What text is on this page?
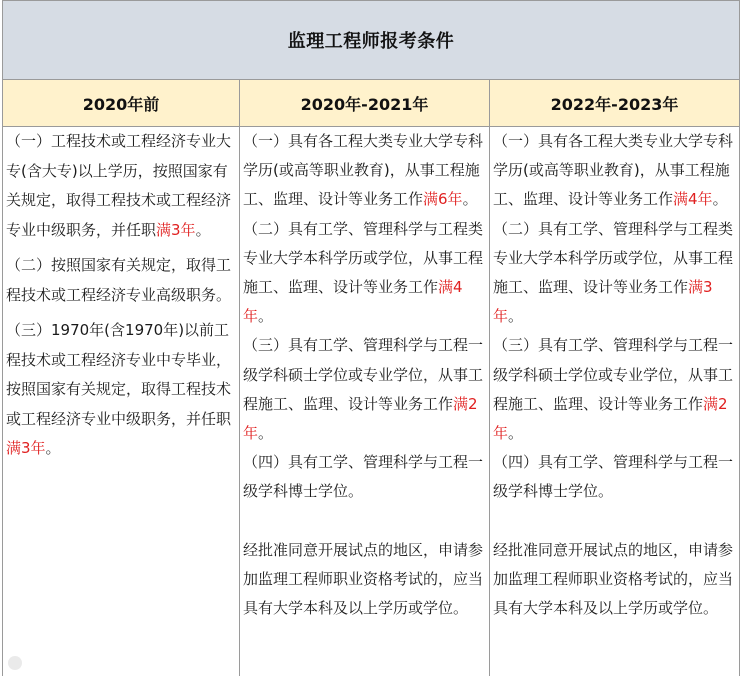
监理工程师报考条件
2020年前	2020年-2021年	2022年-2023年

（一）工程技术或工程经济专业大专(含大专)以上学历，按照国家有关规定，取得工程技术或工程经济专业中级职务，并任职满3年。

（二）按照国家有关规定，取得工程技术或工程经济专业高级职务。

（三）1970年(含1970年)以前工程技术或工程经济专业中专毕业，按照国家有关规定，取得工程技术或工程经济专业中级职务，并任职满3年。

（一）具有各工程大类专业大学专科学历(或高等职业教育)，从事工程施工、监理、设计等业务工作满6年。

（二）具有工学、管理科学与工程类专业大学本科学历或学位，从事工程施工、监理、设计等业务工作满4年。

（三）具有工学、管理科学与工程一级学科硕士学位或专业学位，从事工程施工、监理、设计等业务工作满2年。

（四）具有工学、管理科学与工程一级学科博士学位。

经批准同意开展试点的地区，申请参加监理工程师职业资格考试的，应当具有大学本科及以上学历或学位。

（一）具有各工程大类专业大学专科学历(或高等职业教育)，从事工程施工、监理、设计等业务工作满4年。

（二）具有工学、管理科学与工程类专业大学本科学历或学位，从事工程施工、监理、设计等业务工作满3年。

（三）具有工学、管理科学与工程一级学科硕士学位或专业学位，从事工程施工、监理、设计等业务工作满2年。

（四）具有工学、管理科学与工程一级学科博士学位。

经批准同意开展试点的地区，申请参加监理工程师职业资格考试的，应当具有大学本科及以上学历或学位。
